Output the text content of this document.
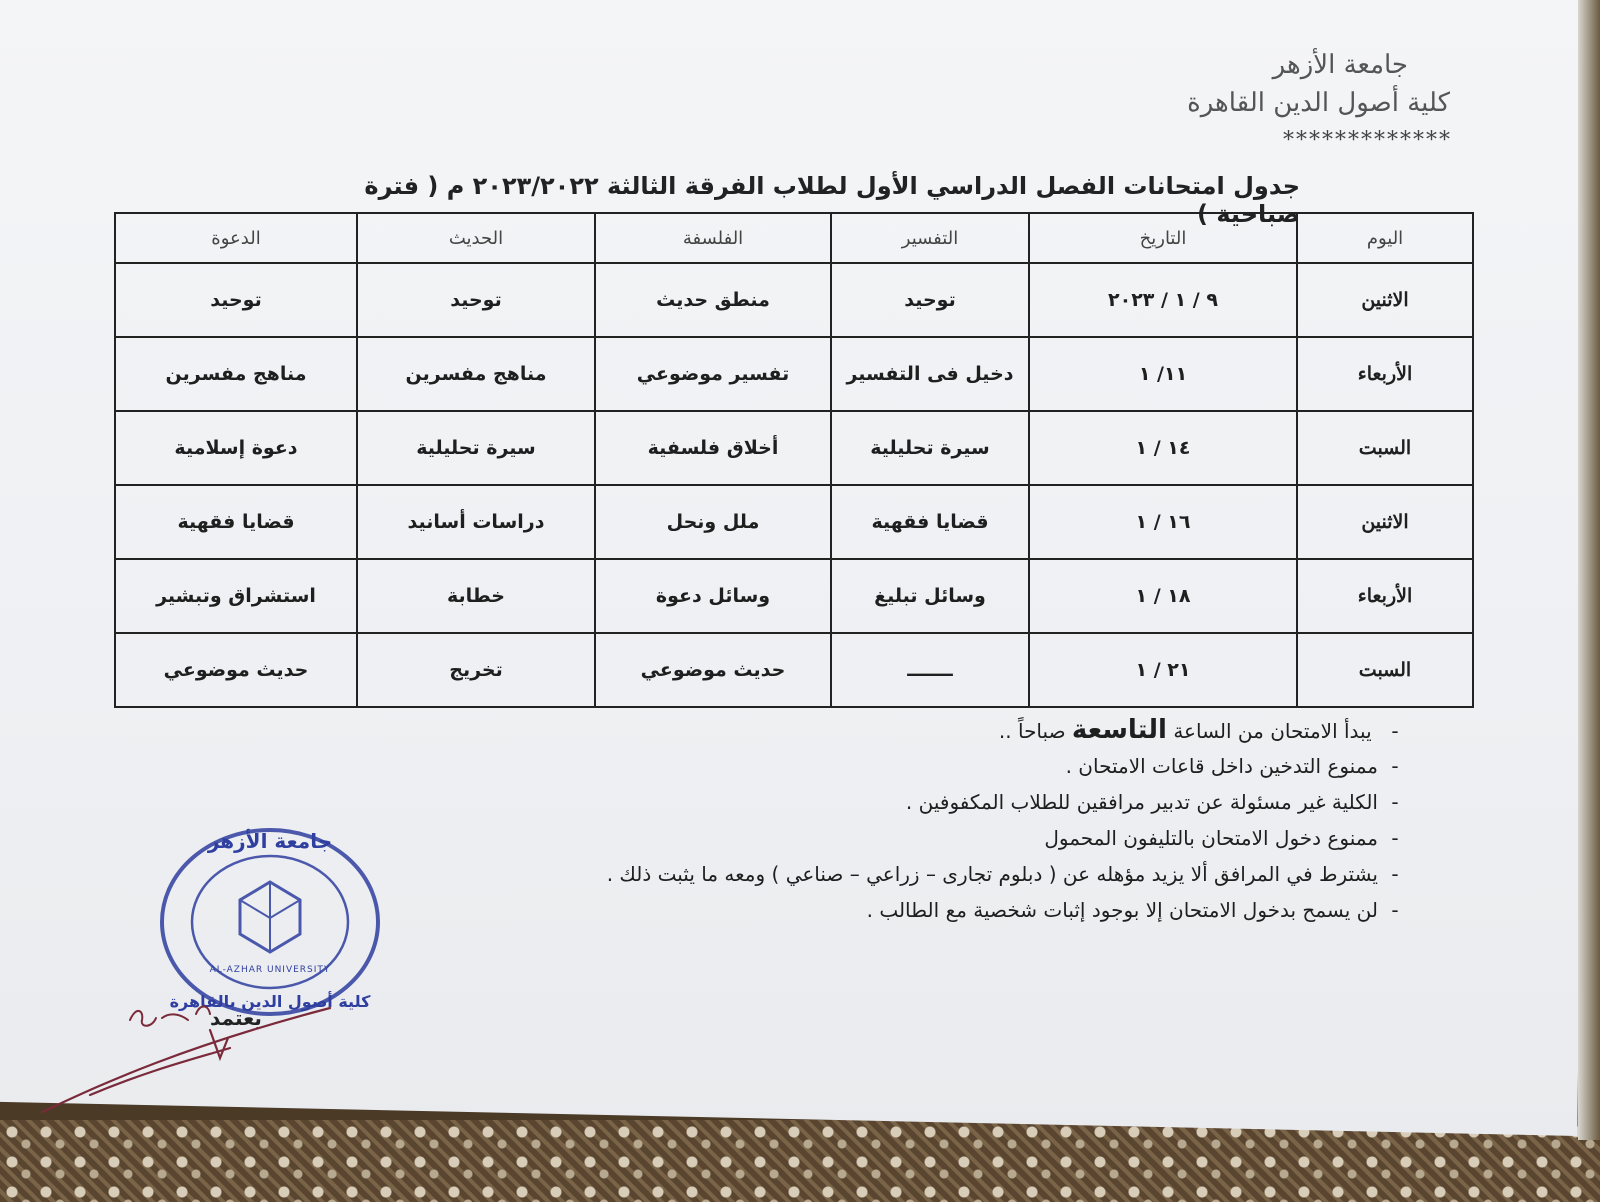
جامعة الأزهر
كلية أصول الدين القاهرة
*************
جدول امتحانات الفصل الدراسي الأول لطلاب الفرقة الثالثة ٢٠٢٣/٢٠٢٢ م ( فترة صباحية )
اليوم	التاريخ	التفسير	الفلسفة	الحديث	الدعوة
الاثنين	٩ / ١ / ٢٠٢٣	توحيد	منطق حديث	توحيد	توحيد
الأربعاء	١١/ ١	دخيل فى التفسير	تفسير موضوعي	مناهج مفسرين	مناهج مفسرين
السبت	١٤ / ١	سيرة تحليلية	أخلاق فلسفية	سيرة تحليلية	دعوة إسلامية
الاثنين	١٦ / ١	قضايا فقهية	ملل ونحل	دراسات أسانيد	قضايا فقهية
الأربعاء	١٨ / ١	وسائل تبليغ	وسائل دعوة	خطابة	استشراق وتبشير
السبت	٢١ / ١	ـــــــ	حديث موضوعي	تخريج	حديث موضوعي
- يبدأ الامتحان من الساعة التاسعة صباحاً ..
-ممنوع التدخين داخل قاعات الامتحان .
-الكلية غير مسئولة عن تدبير مرافقين للطلاب المكفوفين .
-ممنوع دخول الامتحان بالتليفون المحمول
-يشترط في المرافق ألا يزيد مؤهله عن ( دبلوم تجارى – زراعي – صناعي ) ومعه ما يثبت ذلك .
-لن يسمح بدخول الامتحان إلا بوجود إثبات شخصية مع الطالب .
جامعة الأزهر
كلية أصول الدين بالقاهرة
AL-AZHAR UNIVERSITY
يعتمد
